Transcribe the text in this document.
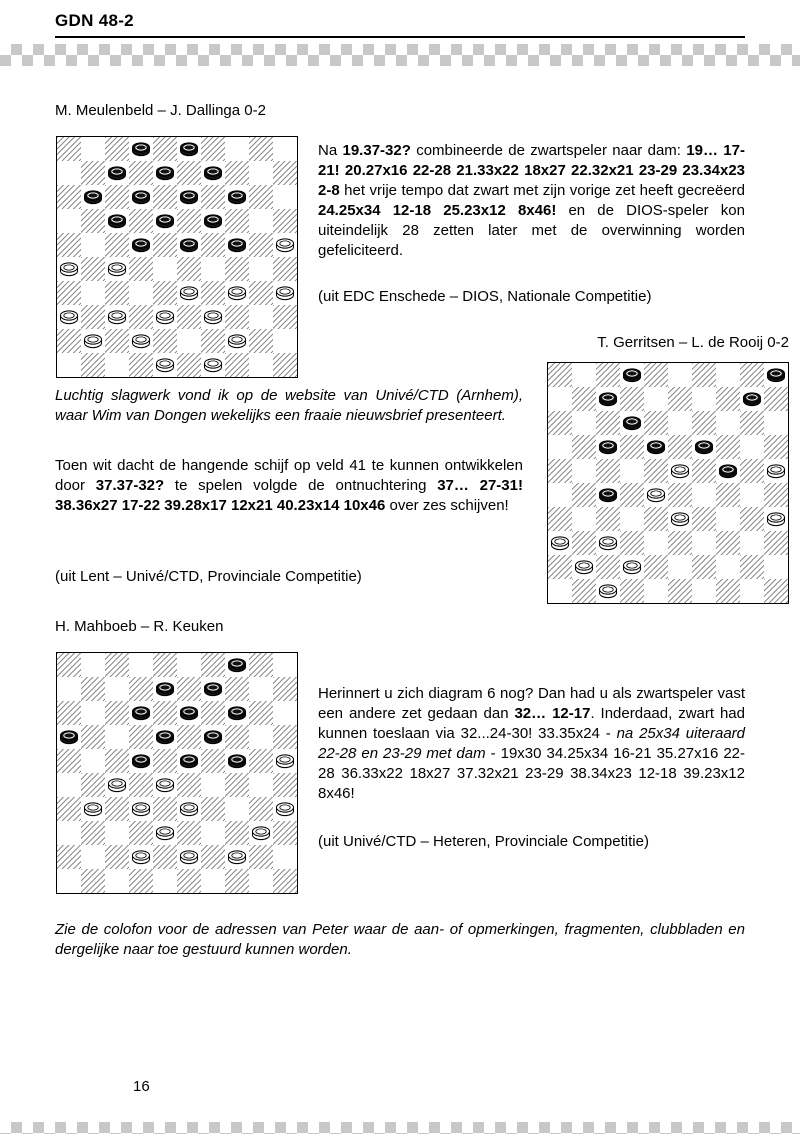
GDN 48-2
M. Meulenbeld – J. Dallinga 0-2
Na 19.37-32? combineerde de zwartspeler naar dam: 19… 17-21! 20.27x16 22-28 21.33x22 18x27 22.32x21 23-29 23.34x23 2-8 het vrije tempo dat zwart met zijn vorige zet heeft gecreëerd 24.25x34 12-18 25.23x12 8x46! en de DIOS-speler kon uiteindelijk 28 zetten later met de overwinning worden gefeliciteerd.
(uit EDC Enschede – DIOS, Nationale Competitie)
T. Gerritsen – L. de Rooij 0-2
Luchtig slagwerk vond ik op de website van Univé/CTD (Arnhem), waar Wim van Dongen wekelijks een fraaie nieuwsbrief presenteert.
Toen wit dacht de hangende schijf op veld 41 te kunnen ontwikkelen door 37.37-32? te spelen volgde de ontnuchtering 37… 27-31! 38.36x27 17-22 39.28x17 12x21 40.23x14 10x46 over zes schijven!
(uit Lent – Univé/CTD, Provinciale Competitie)
H. Mahboeb – R. Keuken
Herinnert u zich diagram 6 nog? Dan had u als zwartspeler vast een andere zet gedaan dan 32… 12-17. Inderdaad, zwart had kunnen toeslaan via 32...24-30! 33.35x24 - na 25x34 uiteraard 22-28 en 23-29 met dam - 19x30 34.25x34 16-21 35.27x16 22-28 36.33x22 18x27 37.32x21 23-29 38.34x23 12-18 39.23x12 8x46!
(uit Univé/CTD – Heteren, Provinciale Competitie)
Zie de colofon voor de adressen van Peter waar de aan- of opmerkingen, fragmenten, clubbladen en dergelijke naar toe gestuurd kunnen worden.
16
